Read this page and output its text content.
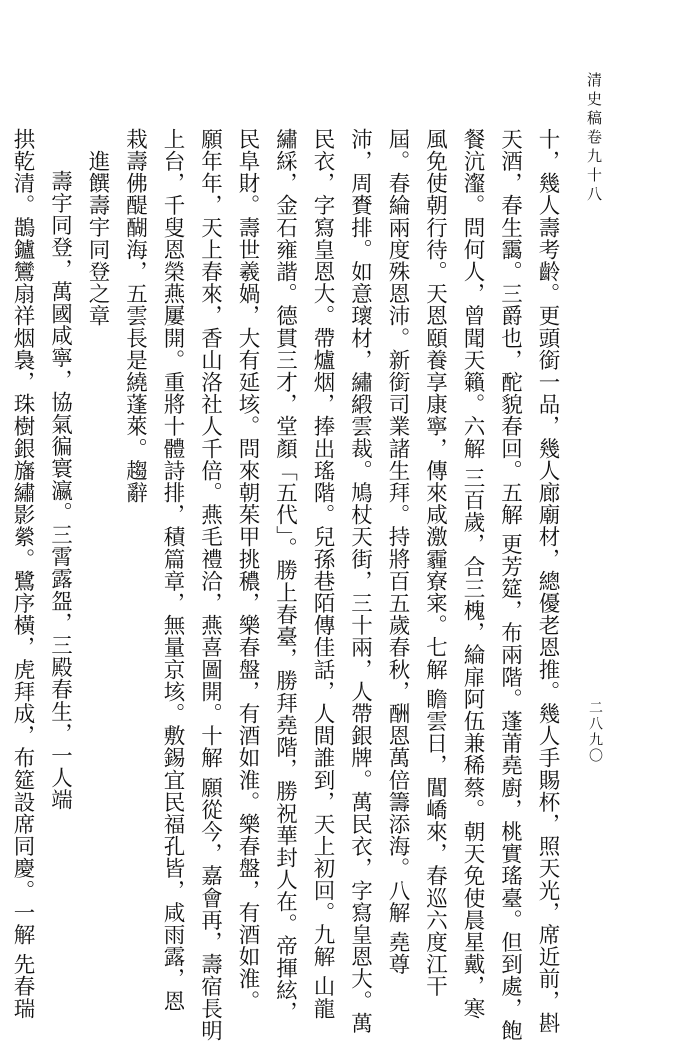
清史稿卷九十八
二八九〇
十，幾人壽考齡。更頭銜一品，幾人廊廟材，總優老恩推。幾人手賜杯，照天光，席近前，斟
天酒，春生靄。三爵也，酡貌春回。五解 更芳筵，布兩階。蓬莆堯廚，桃實瑤臺。但到處，飽
餐沆瀣。問何人，曾聞天籟。六解 三百歲，合三槐，綸扉阿伍兼稀蔡。朝天免使晨星戴，寒
風免使朝行待。天恩頤養享康寧，傳來咸激霾寮宷。七解 瞻雲日，閶嶠來，春巡六度江干
屆。春綸兩度殊恩沛。新銜司業諸生拜。持將百五歲春秋，酬恩萬倍籌添海。八解 堯尊
沛，周賚排。如意瓌材，繡緞雲裁。鳩杖天街，三十兩，人帶銀牌。萬民衣，字寫皇恩大。萬
民衣，字寫皇恩大。帶爐烟，捧出瑤階。兒孫巷陌傳佳話，人間誰到，天上初回。九解 山龍
繡綵，金石雍諧。德貫三才，堂顏「五代」。勝上春臺，勝拜堯階，勝祝華封人在。帝揮絃，
民阜財。壽世羲媧，大有延垓。問來朝茱甲挑穠，樂春盤，有酒如淮。樂春盤，有酒如淮。
願年年，天上春來，香山洛社人千倍。燕毛禮洽，燕喜圖開。十解 願從今，嘉會再，壽宿長明
上台，千叟恩榮燕屢開。重將十體詩排，積篇章，無量京垓。敷錫宜民福孔皆，咸雨露，恩
栽壽佛醍醐海，五雲長是繞蓬萊。趨辭
進饌壽宇同登之章
壽宇同登，萬國咸寧，協氣徧寰瀛。三霄露盌，三殿春生，一人端
拱乾清。鵲鑪鸞扇祥烟裊，珠樹銀旛繡影縈。鷺序橫，虎拜成，布筵設席同慶。一解 先春瑞
